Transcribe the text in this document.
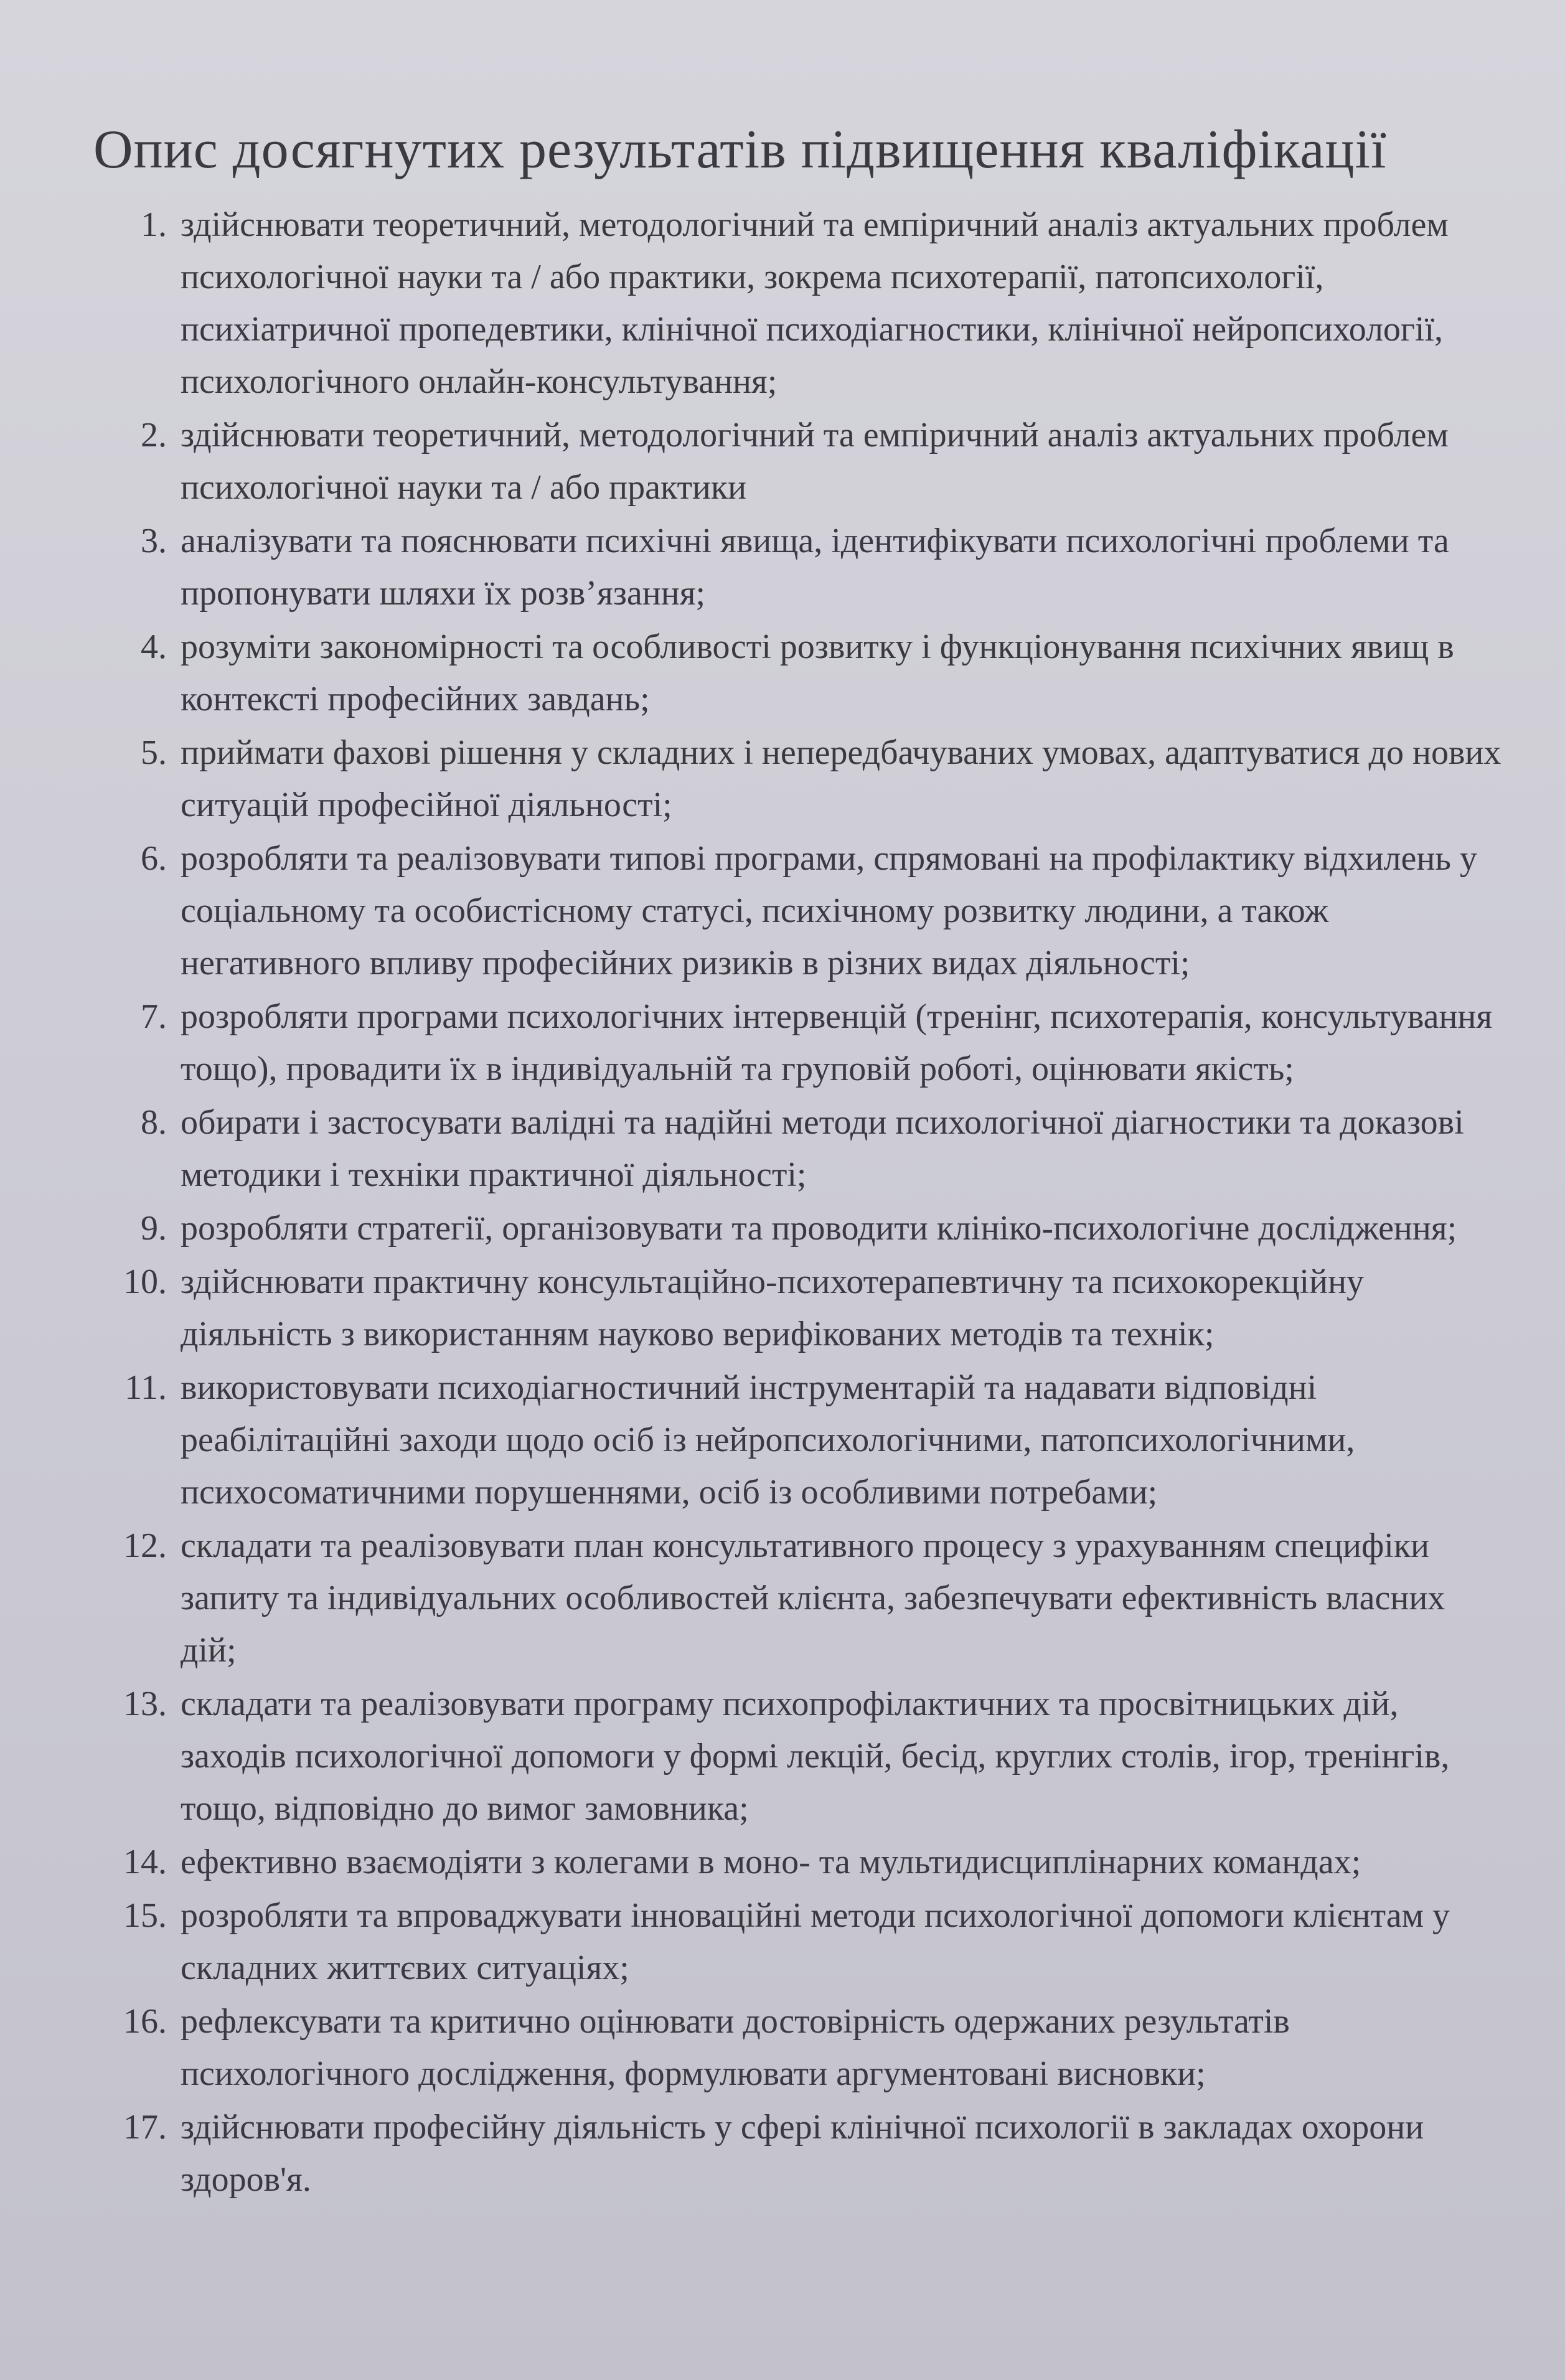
Опис досягнутих результатів підвищення кваліфікації
1. здійснювати теоретичний, методологічний та емпіричний аналіз актуальних проблем психологічної науки та / або практики, зокрема психотерапії, патопсихології, психіатричної пропедевтики, клінічної психодіагностики, клінічної нейропсихології, психологічного онлайн-консультування;
2. здійснювати теоретичний, методологічний та емпіричний аналіз актуальних проблем психологічної науки та / або практики
3. аналізувати та пояснювати психічні явища, ідентифікувати психологічні проблеми та пропонувати шляхи їх розв’язання;
4. розуміти закономірності та особливості розвитку і функціонування психічних явищ в контексті професійних завдань;
5. приймати фахові рішення у складних і непередбачуваних умовах, адаптуватися до нових ситуацій професійної діяльності;
6. розробляти та реалізовувати типові програми, спрямовані на профілактику відхилень у соціальному та особистісному статусі, психічному розвитку людини, а також негативного впливу професійних ризиків в різних видах діяльності;
7. розробляти програми психологічних інтервенцій (тренінг, психотерапія, консультування тощо), провадити їх в індивідуальній та груповій роботі, оцінювати якість;
8. обирати і застосувати валідні та надійні методи психологічної діагностики та доказові методики і техніки практичної діяльності;
9. розробляти стратегії, організовувати та проводити клініко-психологічне дослідження;
10. здійснювати практичну консультаційно-психотерапевтичну та психокорекційну діяльність з використанням науково верифікованих методів та технік;
11. використовувати психодіагностичний інструментарій та надавати відповідні реабілітаційні заходи щодо осіб із нейропсихологічними, патопсихологічними, психосоматичними порушеннями, осіб із особливими потребами;
12. складати та реалізовувати план консультативного процесу з урахуванням специфіки запиту та індивідуальних особливостей клієнта, забезпечувати ефективність власних дій;
13. складати та реалізовувати програму психопрофілактичних та просвітницьких дій, заходів психологічної допомоги у формі лекцій, бесід, круглих столів, ігор, тренінгів, тощо, відповідно до вимог замовника;
14. ефективно взаємодіяти з колегами в моно- та мультидисциплінарних командах;
15. розробляти та впроваджувати інноваційні методи психологічної допомоги клієнтам у складних життєвих ситуаціях;
16. рефлексувати та критично оцінювати достовірність одержаних результатів психологічного дослідження, формулювати аргументовані висновки;
17. здійснювати професійну діяльність у сфері клінічної психології в закладах охорони здоров'я.
